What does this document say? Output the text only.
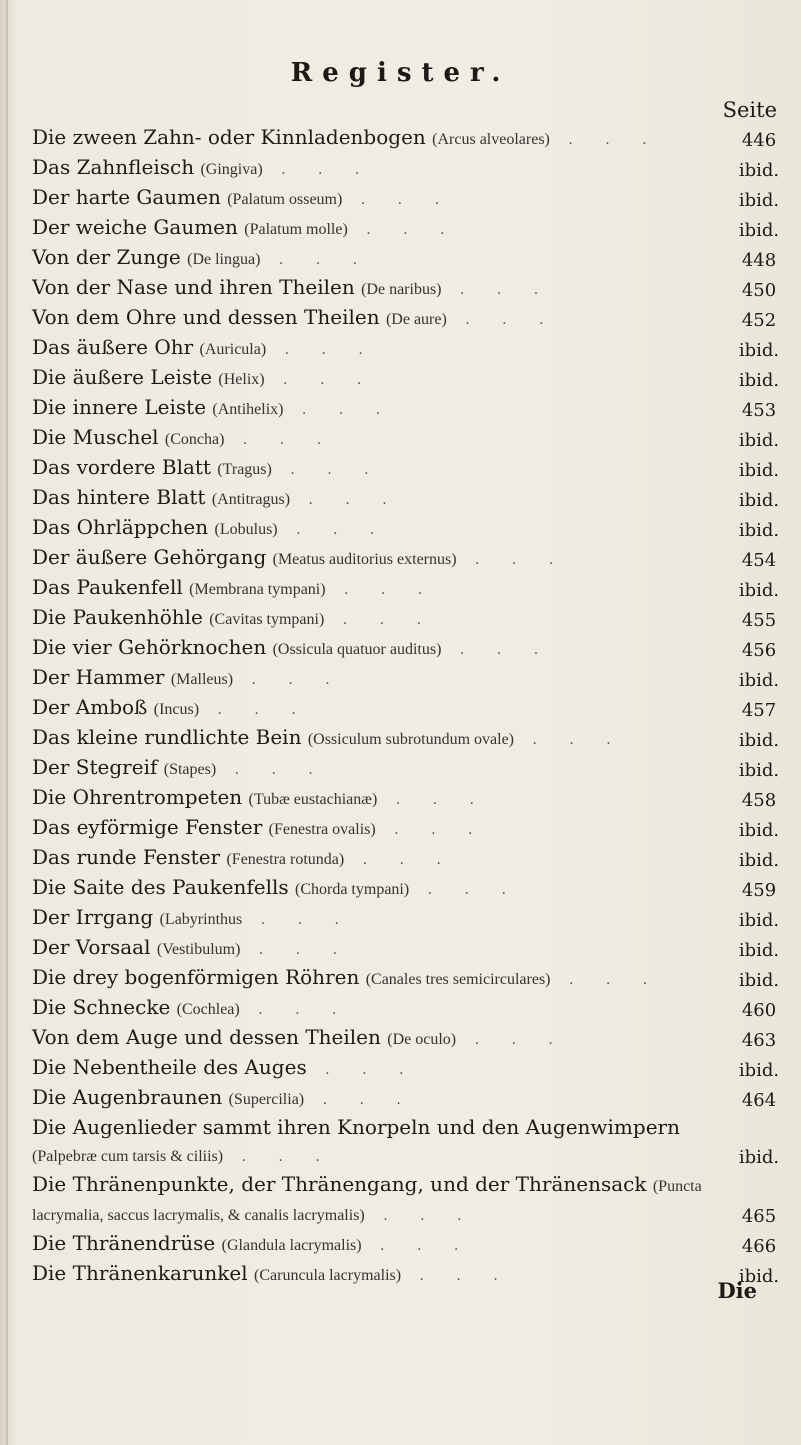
Register.
Seite
Die zween Zahn- oder Kinnladenbogen (Arcus alveolares) . . .	446
Das Zahnfleisch (Gingiva) . . .	ibid.
Der harte Gaumen (Palatum osseum) . . .	ibid.
Der weiche Gaumen (Palatum molle) . . .	ibid.
Von der Zunge (De lingua) . . .	448
Von der Nase und ihren Theilen (De naribus) . . .	450
Von dem Ohre und dessen Theilen (De aure) . . .	452
Das äußere Ohr (Auricula) . . .	ibid.
Die äußere Leiste (Helix) . . .	ibid.
Die innere Leiste (Antihelix) . . .	453
Die Muschel (Concha) . . .	ibid.
Das vordere Blatt (Tragus) . . .	ibid.
Das hintere Blatt (Antitragus) . . .	ibid.
Das Ohrläppchen (Lobulus) . . .	ibid.
Der äußere Gehörgang (Meatus auditorius externus) . . .	454
Das Paukenfell (Membrana tympani) . . .	ibid.
Die Paukenhöhle (Cavitas tympani) . . .	455
Die vier Gehörknochen (Ossicula quatuor auditus) . . .	456
Der Hammer (Malleus) . . .	ibid.
Der Amboß (Incus) . . .	457
Das kleine rundlichte Bein (Ossiculum subrotundum ovale) . . .	ibid.
Der Stegreif (Stapes) . . .	ibid.
Die Ohrentrompeten (Tubæ eustachianæ) . . .	458
Das eyförmige Fenster (Fenestra ovalis) . . .	ibid.
Das runde Fenster (Fenestra rotunda) . . .	ibid.
Die Saite des Paukenfells (Chorda tympani) . . .	459
Der Irrgang (Labyrinthus . . .	ibid.
Der Vorsaal (Vestibulum) . . .	ibid.
Die drey bogenförmigen Röhren (Canales tres semicirculares) . . .	ibid.
Die Schnecke (Cochlea) . . .	460
Von dem Auge und dessen Theilen (De oculo) . . .	463
Die Nebentheile des Auges . . .	ibid.
Die Augenbraunen (Supercilia) . . .	464
Die Augenlieder sammt ihren Knorpeln und den Augenwimpern (Palpebræ cum tarsis & ciliis) . . .	ibid.
Die Thränenpunkte, der Thränengang, und der Thränensack (Puncta lacrymalia, saccus lacrymalis, & canalis lacrymalis) . . .	465
Die Thränendrüse (Glandula lacrymalis) . . .	466
Die Thränenkarunkel (Caruncula lacrymalis) . . .	ibid.
Die
